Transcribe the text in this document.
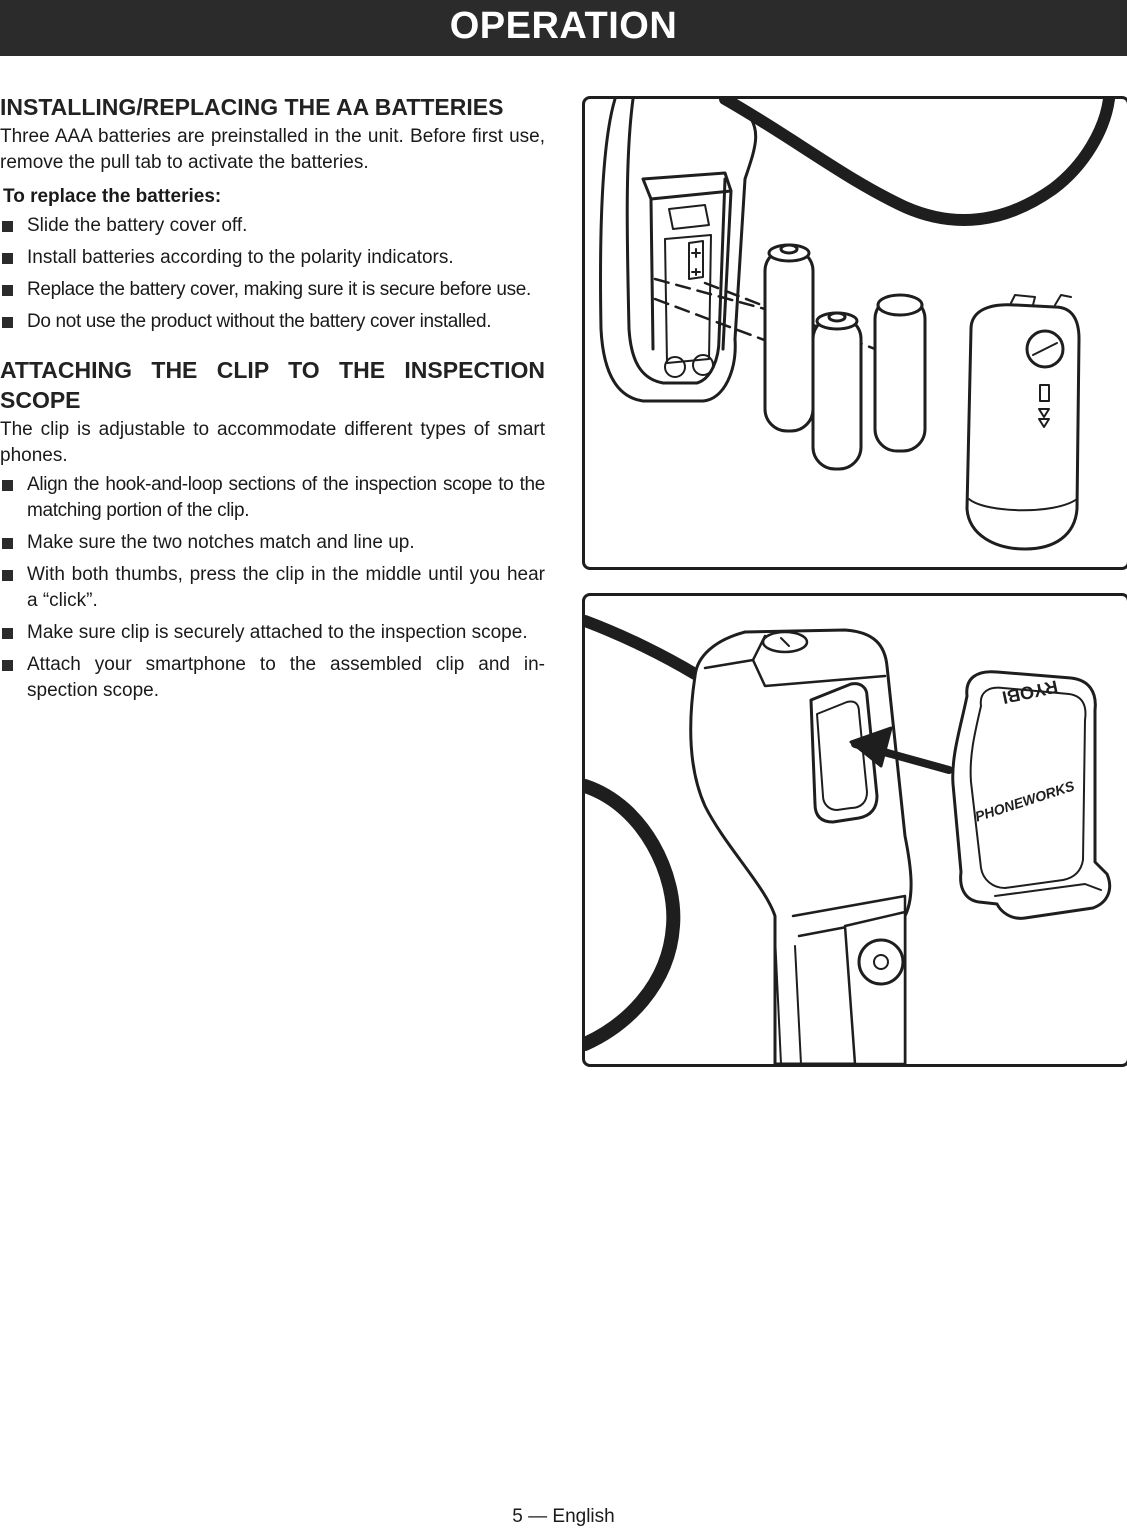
OPERATION
INSTALLING/REPLACING THE AA BATTERIES

Three AAA batteries are preinstalled in the unit. Before first use, remove the pull tab to activate the batteries.

To replace the batteries:

Slide the battery cover off.
Install batteries according to the polarity indicators.
Replace the battery cover, making sure it is secure before use.
Do not use the product without the battery cover installed.
ATTACHING THE CLIP TO THE INSPECTION SCOPE

The clip is adjustable to accommodate different types of smart phones.

Align the hook-and-loop sections of the inspection scope to the matching portion of the clip.
Make sure the two notches match and line up.
With both thumbs, press the clip in the middle until you hear a “click”.
Make sure clip is securely attached to the inspection scope.
Attach your smartphone to the assembled clip and in-spection scope.	RYOBI
PHONEWORKS
5 — English
